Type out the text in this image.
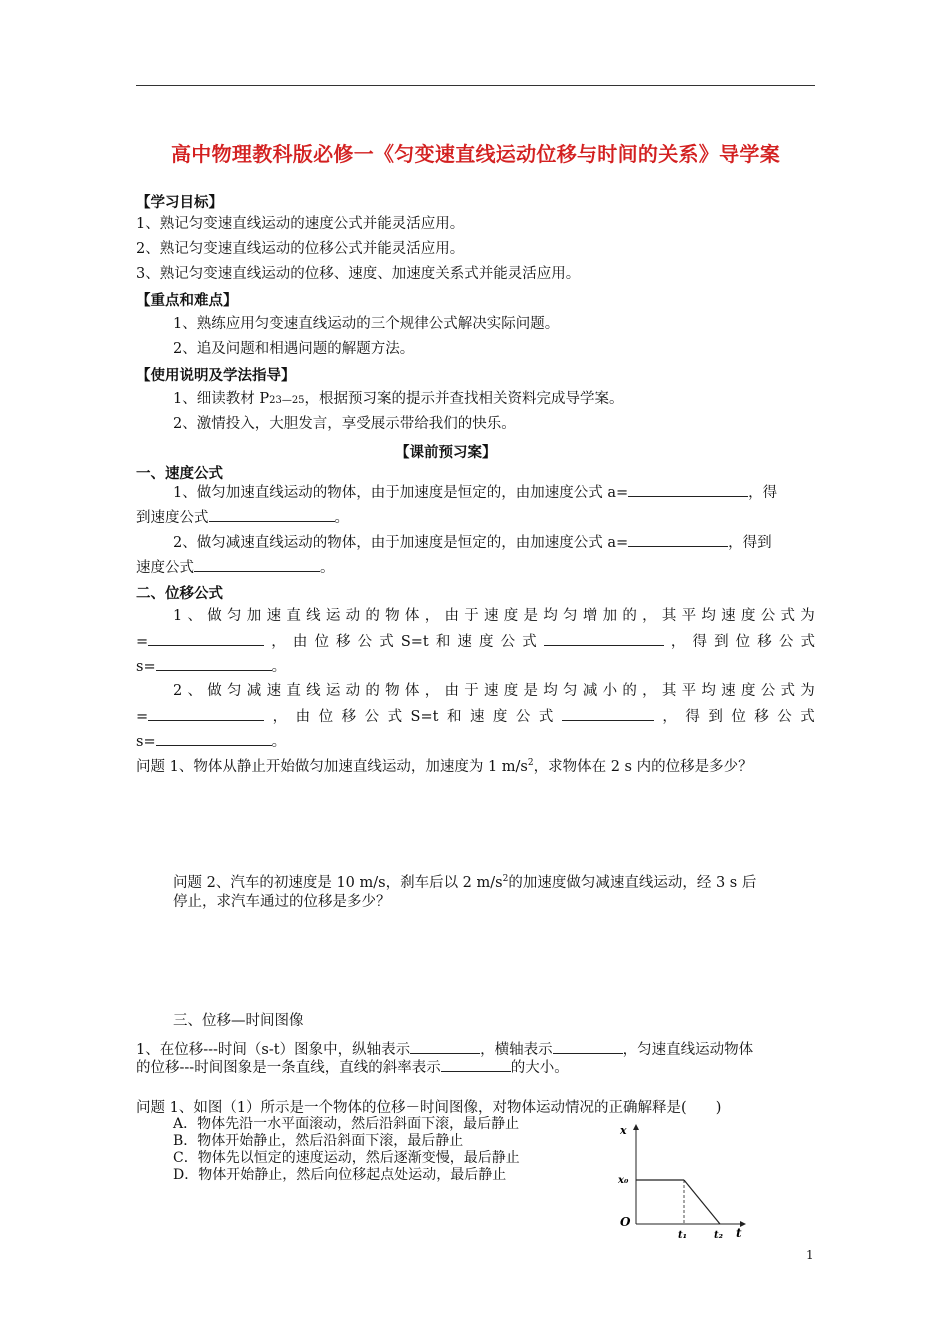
高中物理教科版必修一《匀变速直线运动位移与时间的关系》导学案
【学习目标】
1、熟记匀变速直线运动的速度公式并能灵活应用。
2、熟记匀变速直线运动的位移公式并能灵活应用。
3、熟记匀变速直线运动的位移、速度、加速度关系式并能灵活应用。
【重点和难点】
1、熟练应用匀变速直线运动的三个规律公式解决实际问题。
2、追及问题和相遇问题的解题方法。
【使用说明及学法指导】
1、细读教材 P23—25，根据预习案的提示并查找相关资料完成导学案。
2、激情投入，大胆发言，享受展示带给我们的快乐。
【课前预习案】
一、速度公式
1、做匀加速直线运动的物体，由于加速度是恒定的，由加速度公式 a=	，得
到速度公式	。
2、做匀减速直线运动的物体，由于加速度是恒定的，由加速度公式 a=	，得到
速度公式	。
二、位移公式
1 、 做 匀 加 速 直 线 运 动 的 物 体 ， 由 于 速 度 是 均 匀 增 加 的 ， 其 平 均 速 度 公 式 为
=	， 由 位 移 公 式 S=t 和 速 度 公 式	， 得 到 位 移 公 式
s=	。
2 、 做 匀 减 速 直 线 运 动 的 物 体 ， 由 于 速 度 是 均 匀 减 小 的 ， 其 平 均 速 度 公 式 为
=	， 由 位 移 公 式 S=t 和 速 度 公 式	， 得 到 位 移 公 式
s=	。
问题 1、物体从静止开始做匀加速直线运动，加速度为 1 $m/s^2$，求物体在 2 s 内的位移是多少？
问题 2、汽车的初速度是 10 m/s，刹车后以 2 $m/s^2$的加速度做匀减速直线运动，经 3 s 后
停止，求汽车通过的位移是多少？
三、位移—时间图像
1、在位移---时间（s-t）图象中，纵轴表示	，横轴表示	，匀速直线运动物体
的位移---时间图象是一条直线，直线的斜率表示	的大小。
问题 1、如图（1）所示是一个物体的位移－时间图像，对物体运动情况的正确解释是(　　)
A．物体先沿一水平面滚动，然后沿斜面下滚，最后静止
B．物体开始静止，然后沿斜面下滚，最后静止
C．物体先以恒定的速度运动，然后逐渐变慢，最后静止
D．物体开始静止，然后向位移起点处运动，最后静止
x
x₀
O
t₁	t₂ t
1
